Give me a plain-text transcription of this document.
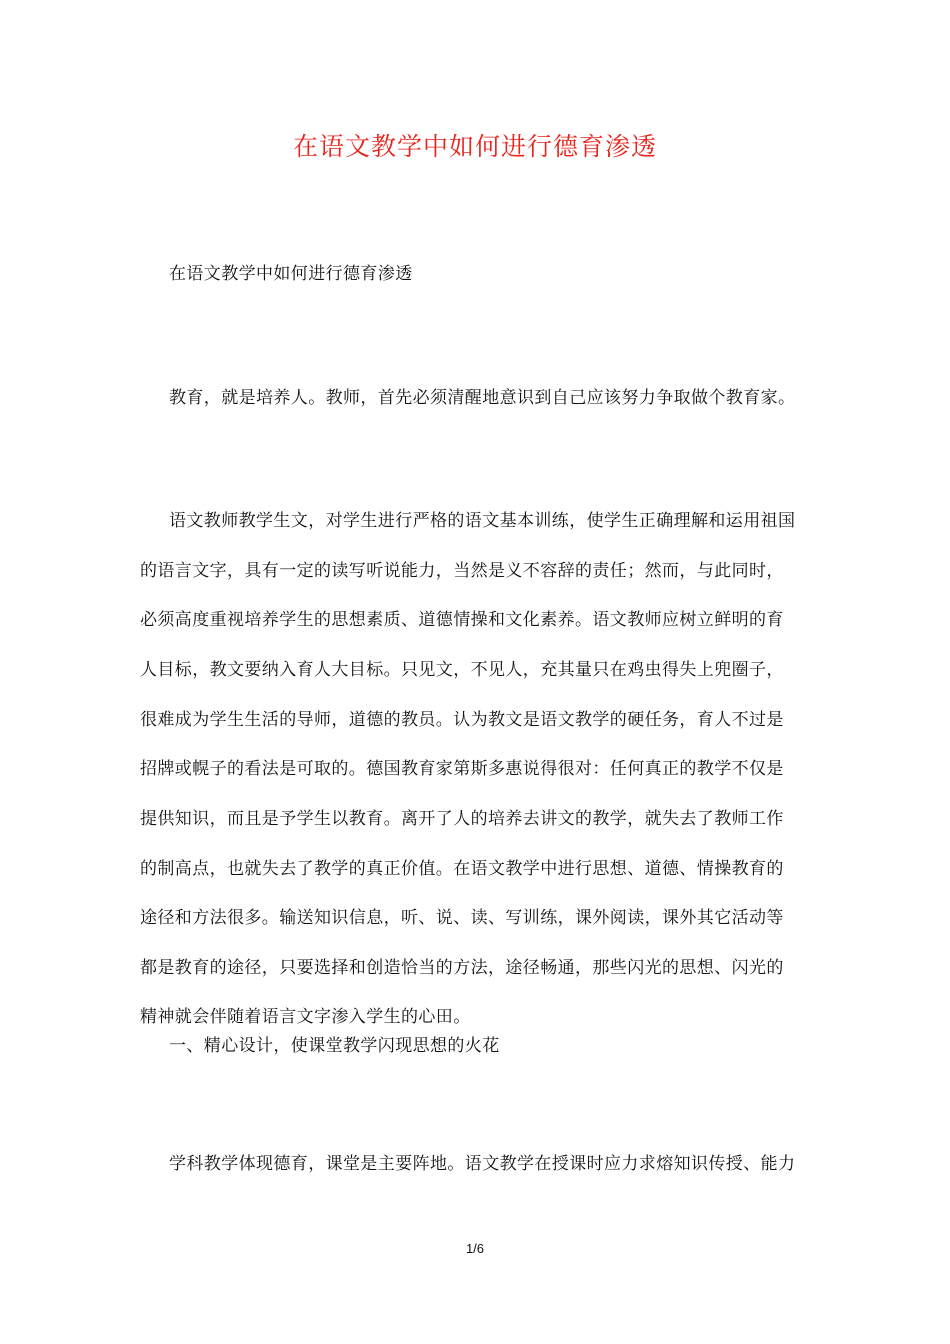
在语文教学中如何进行德育渗透
在语文教学中如何进行德育渗透
教育，就是培养人。教师，首先必须清醒地意识到自己应该努力争取做个教育家。
语文教师教学生文，对学生进行严格的语文基本训练，使学生正确理解和运用祖国
的语言文字，具有一定的读写听说能力，当然是义不容辞的责任；然而，与此同时，
必须高度重视培养学生的思想素质、道德情操和文化素养。语文教师应树立鲜明的育
人目标，教文要纳入育人大目标。只见文，不见人，充其量只在鸡虫得失上兜圈子，
很难成为学生生活的导师，道德的教员。认为教文是语文教学的硬任务，育人不过是
招牌或幌子的看法是可取的。德国教育家第斯多惠说得很对：任何真正的教学不仅是
提供知识，而且是予学生以教育。离开了人的培养去讲文的教学，就失去了教师工作
的制高点，也就失去了教学的真正价值。在语文教学中进行思想、道德、情操教育的
途径和方法很多。输送知识信息，听、说、读、写训练，课外阅读，课外其它活动等
都是教育的途径，只要选择和创造恰当的方法，途径畅通，那些闪光的思想、闪光的
精神就会伴随着语言文字渗入学生的心田。
一、精心设计，使课堂教学闪现思想的火花
学科教学体现德育，课堂是主要阵地。语文教学在授课时应力求熔知识传授、能力
1/6
